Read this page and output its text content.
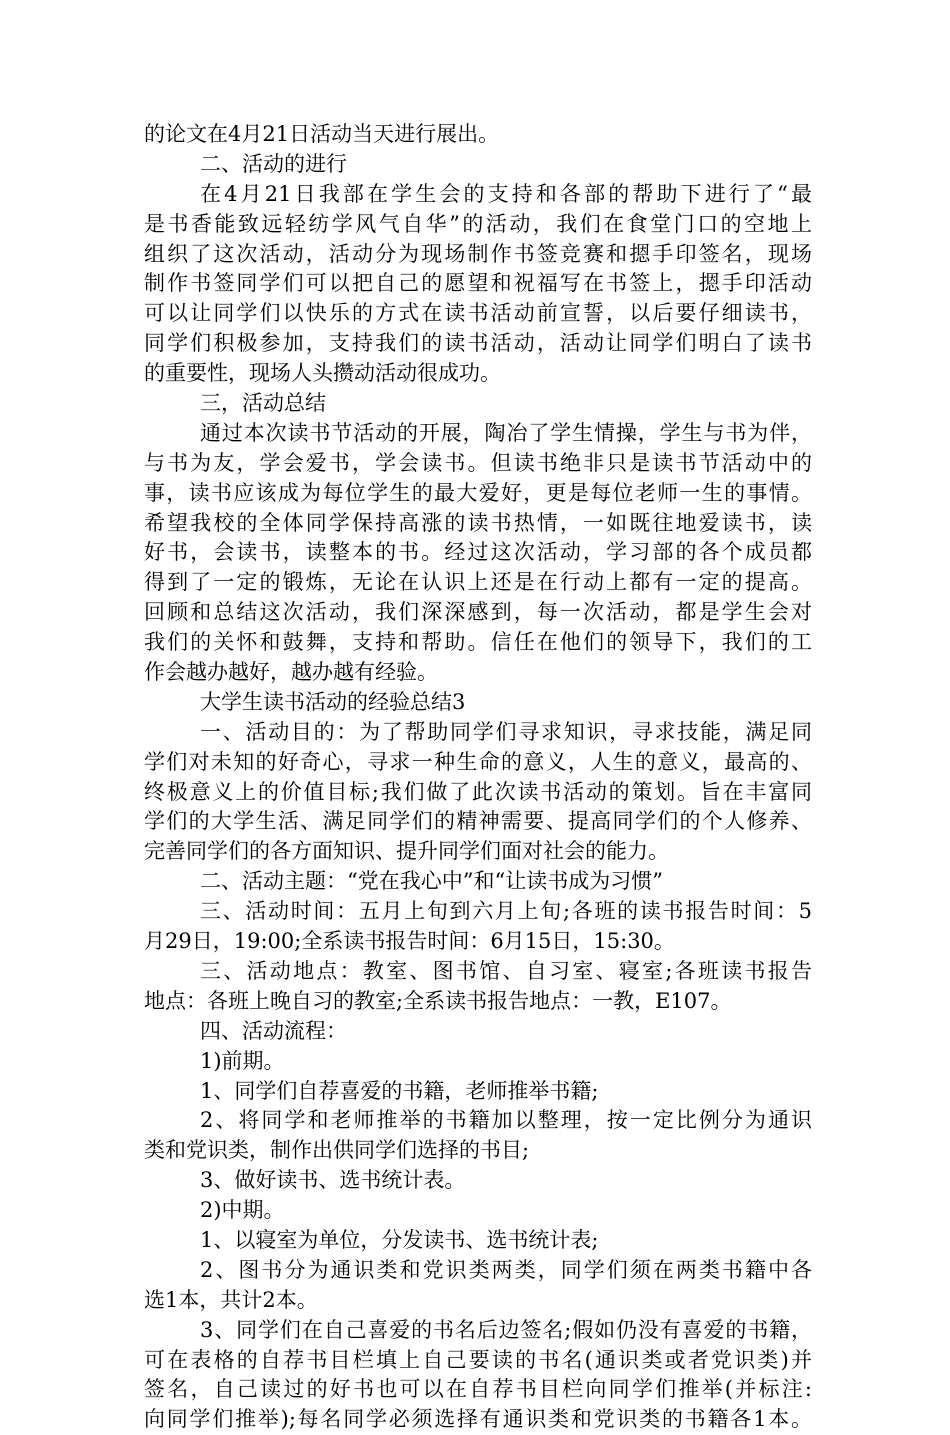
的论文在4月21日活动当天进行展出。
二、活动的进行
在4月21日我部在学生会的支持和各部的帮助下进行了“最
是书香能致远轻纺学风气自华”的活动，我们在食堂门口的空地上
组织了这次活动，活动分为现场制作书签竞赛和摁手印签名，现场
制作书签同学们可以把自己的愿望和祝福写在书签上，摁手印活动
可以让同学们以快乐的方式在读书活动前宣誓，以后要仔细读书，
同学们积极参加，支持我们的读书活动，活动让同学们明白了读书
的重要性，现场人头攒动活动很成功。
三，活动总结
通过本次读书节活动的开展，陶冶了学生情操，学生与书为伴，
与书为友，学会爱书，学会读书。但读书绝非只是读书节活动中的
事，读书应该成为每位学生的最大爱好，更是每位老师一生的事情。
希望我校的全体同学保持高涨的读书热情，一如既往地爱读书，读
好书，会读书，读整本的书。经过这次活动，学习部的各个成员都
得到了一定的锻炼，无论在认识上还是在行动上都有一定的提高。
回顾和总结这次活动，我们深深感到，每一次活动，都是学生会对
我们的关怀和鼓舞，支持和帮助。信任在他们的领导下，我们的工
作会越办越好，越办越有经验。
大学生读书活动的经验总结3
一、活动目的：为了帮助同学们寻求知识，寻求技能，满足同
学们对未知的好奇心，寻求一种生命的意义，人生的意义，最高的、
终极意义上的价值目标;我们做了此次读书活动的策划。旨在丰富同
学们的大学生活、满足同学们的精神需要、提高同学们的个人修养、
完善同学们的各方面知识、提升同学们面对社会的能力。
二、活动主题：“党在我心中”和“让读书成为习惯”
三、活动时间：五月上旬到六月上旬;各班的读书报告时间：5
月29日，19:00;全系读书报告时间：6月15日，15:30。
三、活动地点：教室、图书馆、自习室、寝室;各班读书报告
地点：各班上晚自习的教室;全系读书报告地点：一教，E107。
四、活动流程：
1)前期。
1、同学们自荐喜爱的书籍，老师推举书籍;
2、将同学和老师推举的书籍加以整理，按一定比例分为通识
类和党识类，制作出供同学们选择的书目;
3、做好读书、选书统计表。
2)中期。
1、以寝室为单位，分发读书、选书统计表;
2、图书分为通识类和党识类两类，同学们须在两类书籍中各
选1本，共计2本。
3、同学们在自己喜爱的书名后边签名;假如仍没有喜爱的书籍，
可在表格的自荐书目栏填上自己要读的书名(通识类或者党识类)并
签名，自己读过的好书也可以在自荐书目栏向同学们推举(并标注:
向同学们推举);每名同学必须选择有通识类和党识类的书籍各1本。
